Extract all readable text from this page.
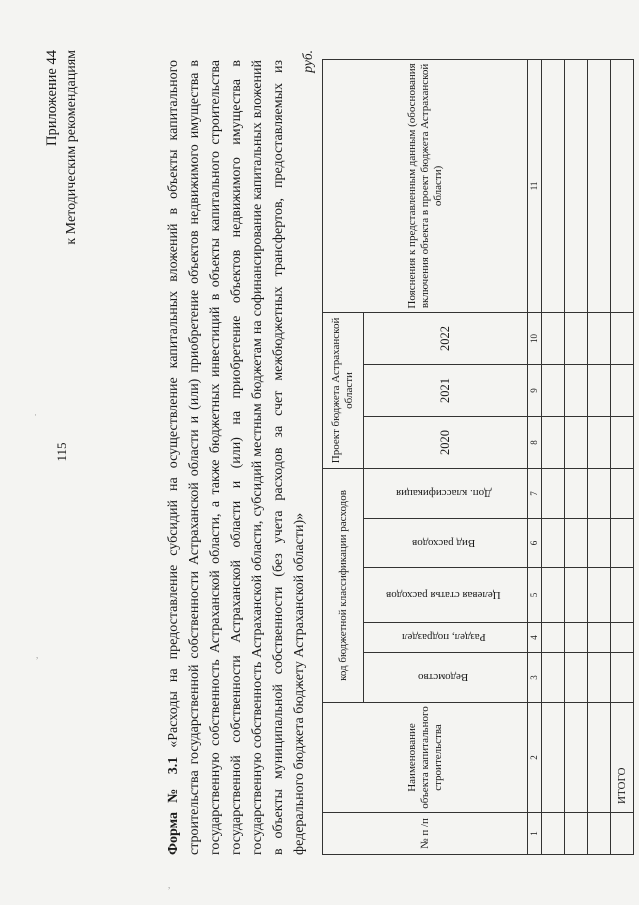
115
,
,
·
Приложение 44 к Методическим рекомендациям
Форма № 3.1 «Расходы на предоставление субсидий на осуществление капитальных вложений в объекты капитального строительства государственной собственности Астраханской области и (или) приобретение объектов недвижимого имущества в государственную собственность Астраханской области, а также бюджетных инвестиций в объекты капитального строительства государственной собственности Астраханской области и (или) на приобретение объектов недвижимого имущества в государственную собственность Астраханской области, субсидий местным бюджетам на софинансирование капитальных вложений в объекты муниципальной собственности (без учета расходов за счет межбюджетных трансфертов, предоставляемых из федерального бюджета бюджету Астраханской области)»
руб.
№ п /п	Наименование объекта капитального строительства	код бюджетной классификации расходов					Проект бюджета Астраханской области			Пояснения к представленным данным (обоснования включения объекта в проект бюджета Астраханской области)
		Ведомство	Раздел, подраздел	Целевая статья расходов	Вид расходов	Доп. классификация	2020	2021	2022	
1	2	3	4	5	6	7	8	9	10	11

	ИТОГО									
